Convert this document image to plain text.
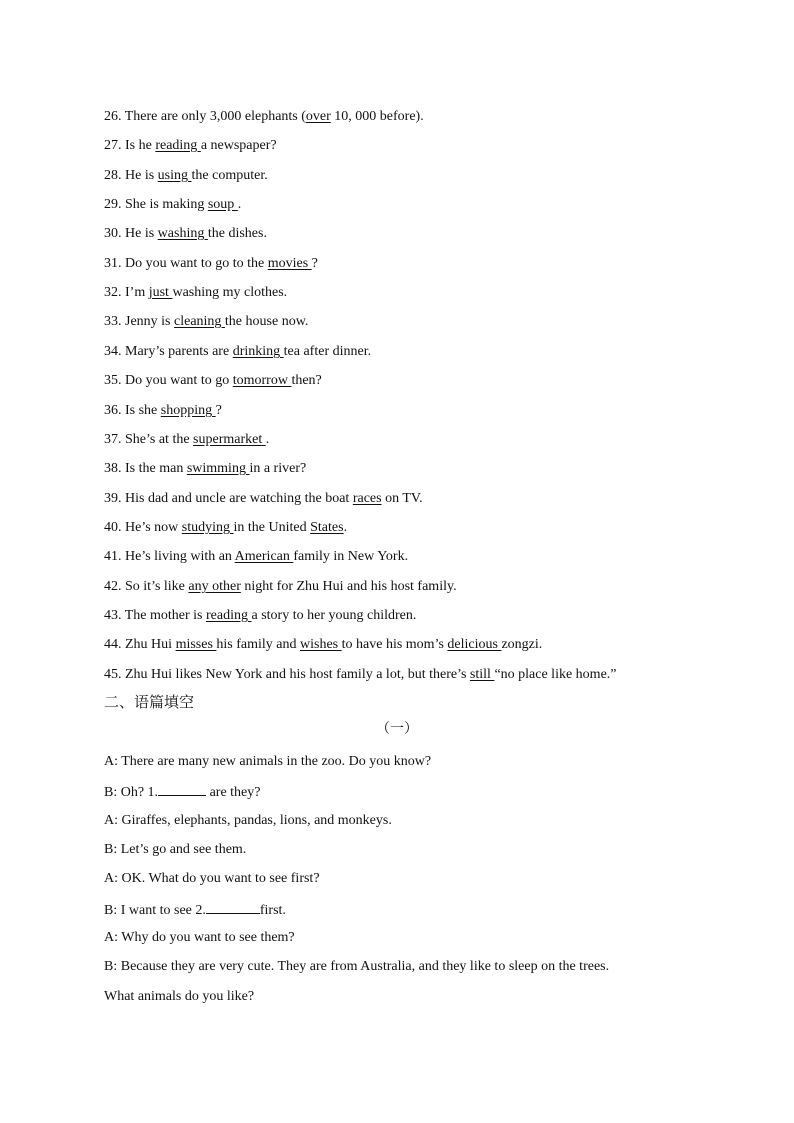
26. There are only 3,000 elephants (over 10, 000 before).
27. Is he reading a newspaper?
28. He is using the computer.
29. She is making soup .
30. He is washing the dishes.
31. Do you want to go to the movies ?
32. I’m just washing my clothes.
33. Jenny is cleaning the house now.
34. Mary’s parents are drinking tea after dinner.
35. Do you want to go tomorrow then?
36. Is she shopping ?
37. She’s at the supermarket .
38. Is the man swimming in a river?
39. His dad and uncle are watching the boat races on TV.
40. He’s now studying in the United States.
41. He’s living with an American family in New York.
42. So it’s like any other night for Zhu Hui and his host family.
43. The mother is reading a story to her young children.
44. Zhu Hui misses his family and wishes to have his mom’s delicious zongzi.
45. Zhu Hui likes New York and his host family a lot, but there’s still “no place like home.”
二、语篇填空
（一）
A: There are many new animals in the zoo. Do you know?
B: Oh? 1.	are they?
A: Giraffes, elephants, pandas, lions, and monkeys.
B: Let’s go and see them.
A: OK. What do you want to see first?
B: I want to see 2.	first.
A: Why do you want to see them?
B: Because they are very cute. They are from Australia, and they like to sleep on the trees.
What animals do you like?
